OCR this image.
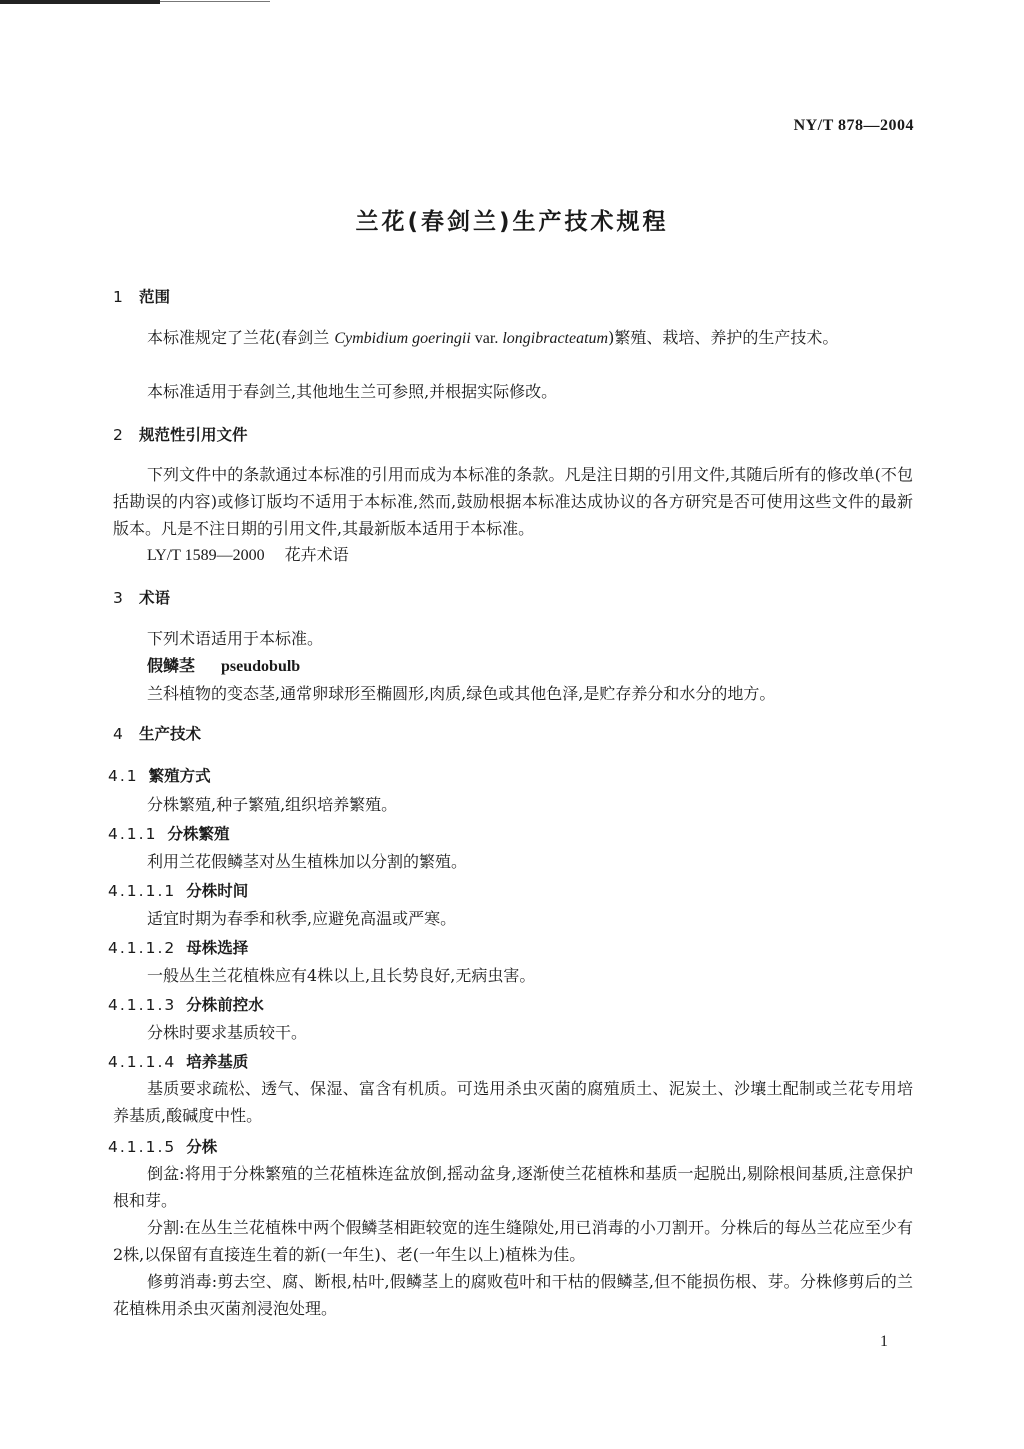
NY/T 878—2004
兰花(春剑兰)生产技术规程
1 范围
本标准规定了兰花(春剑兰 Cymbidium goeringii var. longibracteatum)繁殖、栽培、养护的生产技术。
本标准适用于春剑兰,其他地生兰可参照,并根据实际修改。
2 规范性引用文件
下列文件中的条款通过本标准的引用而成为本标准的条款。凡是注日期的引用文件,其随后所有的修改单(不包括勘误的内容)或修订版均不适用于本标准,然而,鼓励根据本标准达成协议的各方研究是否可使用这些文件的最新版本。凡是不注日期的引用文件,其最新版本适用于本标准。
LY/T 1589—2000 花卉术语
3 术语
下列术语适用于本标准。
假鳞茎 pseudobulb
兰科植物的变态茎,通常卵球形至椭圆形,肉质,绿色或其他色泽,是贮存养分和水分的地方。
4 生产技术
4.1 繁殖方式
分株繁殖,种子繁殖,组织培养繁殖。
4.1.1 分株繁殖
利用兰花假鳞茎对丛生植株加以分割的繁殖。
4.1.1.1 分株时间
适宜时期为春季和秋季,应避免高温或严寒。
4.1.1.2 母株选择
一般丛生兰花植株应有4株以上,且长势良好,无病虫害。
4.1.1.3 分株前控水
分株时要求基质较干。
4.1.1.4 培养基质
基质要求疏松、透气、保湿、富含有机质。可选用杀虫灭菌的腐殖质土、泥炭土、沙壤土配制或兰花专用培养基质,酸碱度中性。
4.1.1.5 分株
倒盆:将用于分株繁殖的兰花植株连盆放倒,摇动盆身,逐渐使兰花植株和基质一起脱出,剔除根间基质,注意保护根和芽。
分割:在丛生兰花植株中两个假鳞茎相距较宽的连生缝隙处,用已消毒的小刀割开。分株后的每丛兰花应至少有2株,以保留有直接连生着的新(一年生)、老(一年生以上)植株为佳。
修剪消毒:剪去空、腐、断根,枯叶,假鳞茎上的腐败苞叶和干枯的假鳞茎,但不能损伤根、芽。分株修剪后的兰花植株用杀虫灭菌剂浸泡处理。
1
